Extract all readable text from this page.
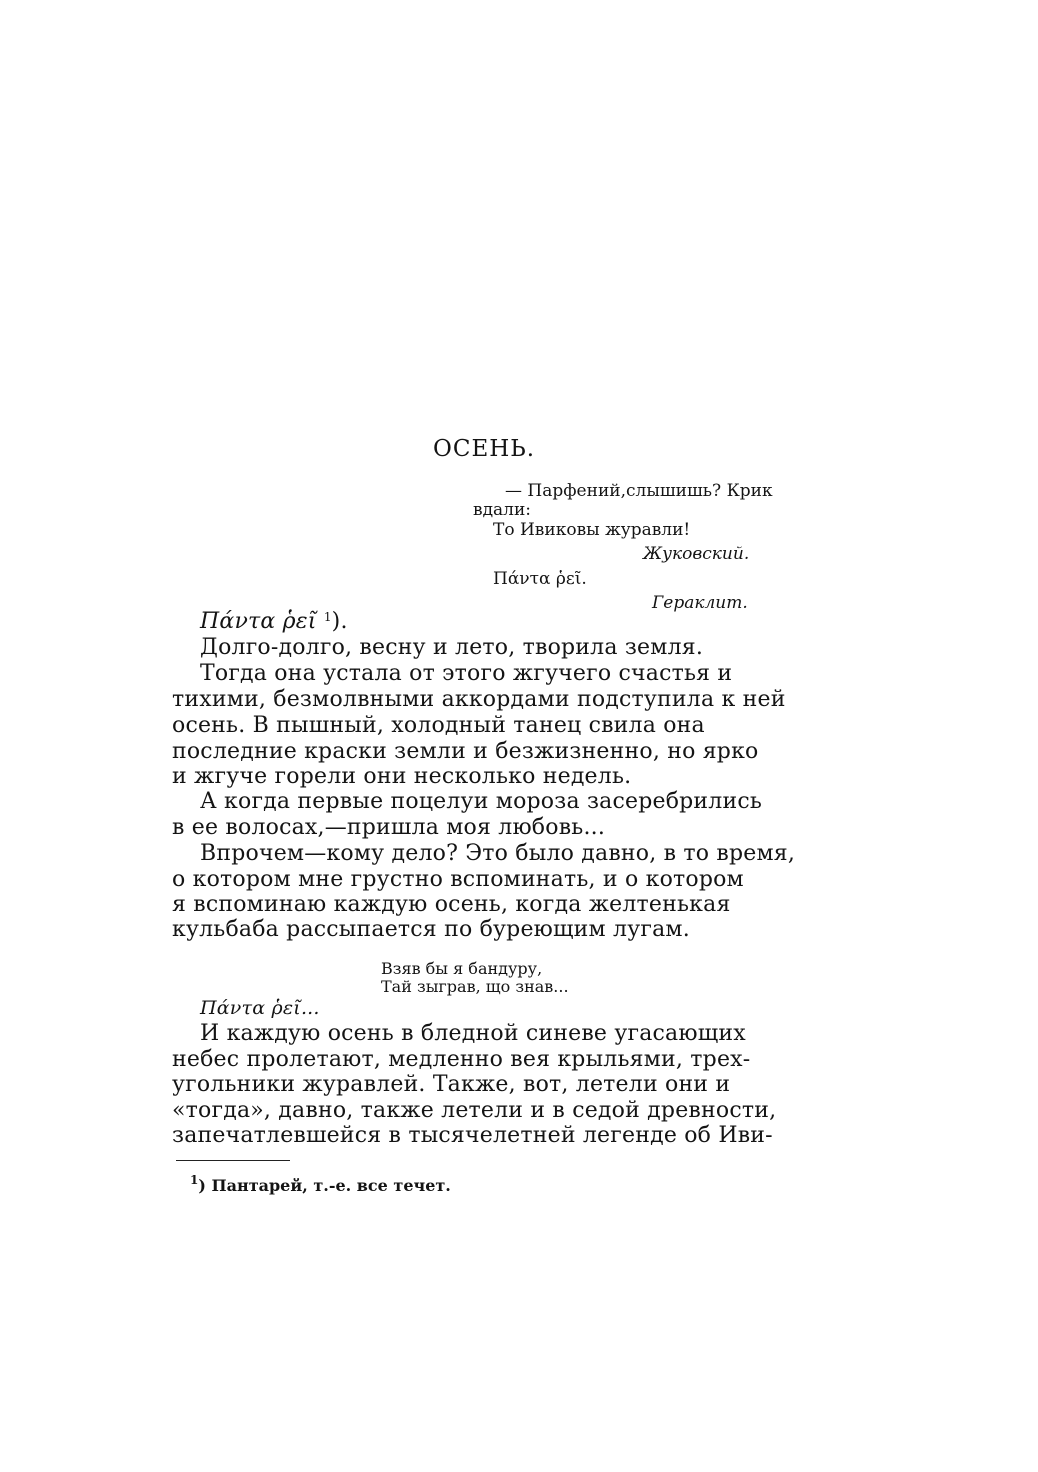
ОСЕНЬ.
— Парфений,слышишь? Крик
вдали:
То Ивиковы журавли!
Жуковский.
Πάντα ῥεῖ.
Гераклит.
Πάντα ῥεῖ $^1$).
Долго-долго, весну и лето, творила земля.
Тогда она устала от этого жгучего счастья и
тихими, безмолвными аккордами подступила к ней
осень. В пышный, холодный танец свила она
последние краски земли и безжизненно, но ярко
и жгуче горели они несколько недель.
А когда первые поцелуи мороза засеребрились
в ее волосах,—пришла моя любовь...
Впрочем—кому дело? Это было давно, в то время,
о котором мне грустно вспоминать, и о котором
я вспоминаю каждую осень, когда желтенькая
кульбаба рассыпается по буреющим лугам.
Взяв бы я бандуру,
Тай зыграв, що знав...
Πάντα ῥεῖ...
И каждую осень в бледной синеве угасающих
небес пролетают, медленно вея крыльями, трех-
угольники журавлей. Также, вот, летели они и
«тогда», давно, также летели и в седой древности,
запечатлевшейся в тысячелетней легенде об Иви-
$^1$) Пантарей, т.-е. все течет.
